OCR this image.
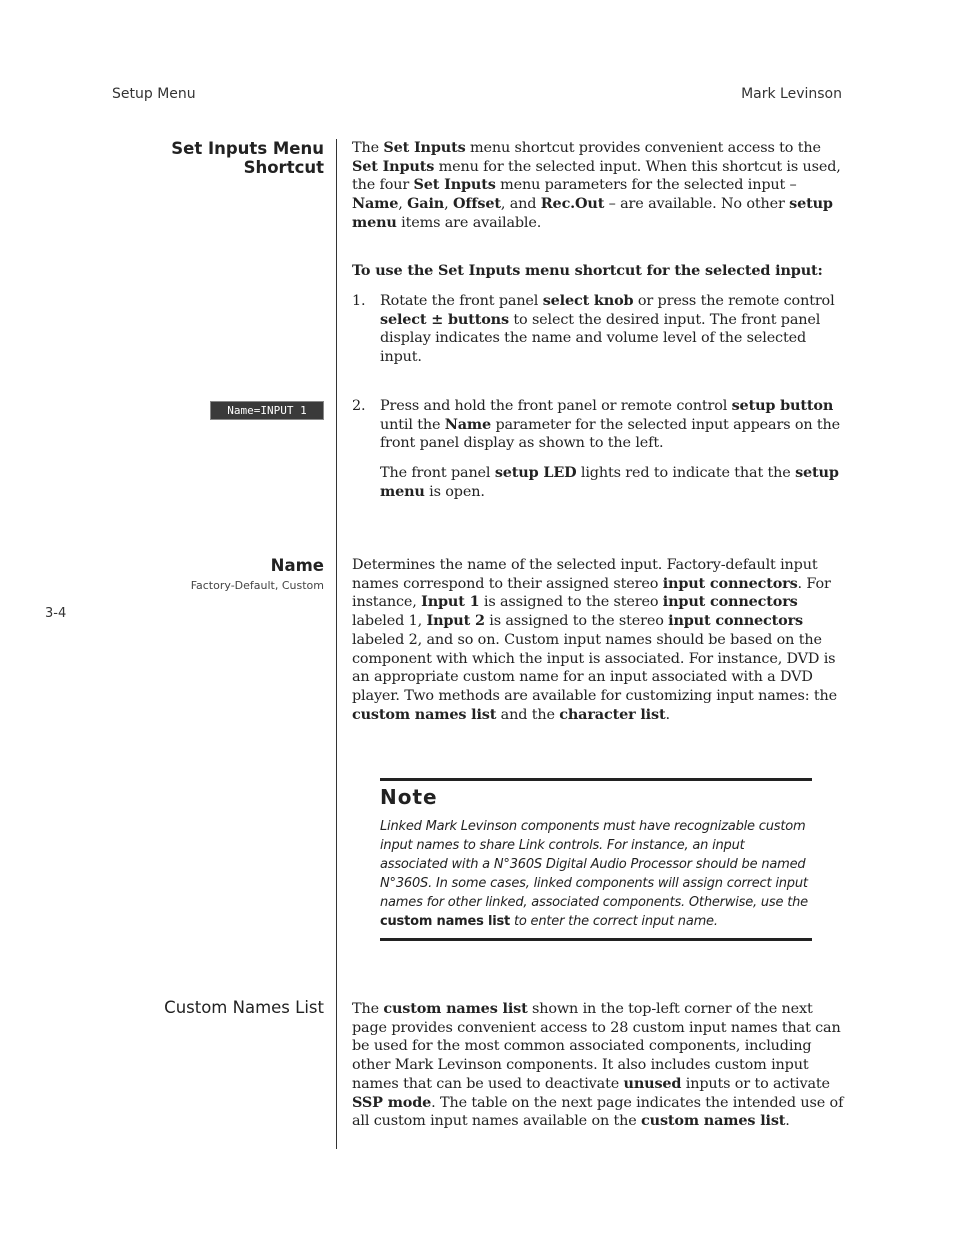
Setup Menu	Mark Levinson
3-4
Set Inputs Menu
Shortcut
The Set Inputs menu shortcut provides convenient access to the Set Inputs menu for the selected input. When this shortcut is used, the four Set Inputs menu parameters for the selected input – Name, Gain, Offset, and Rec.Out – are available. No other setup menu items are available.
To use the Set Inputs menu shortcut for the selected input:
1.	Rotate the front panel select knob or press the remote control select ± buttons to select the desired input. The front panel display indicates the name and volume level of the selected input.
Name=INPUT 1	2.	Press and hold the front panel or remote control setup button until the Name parameter for the selected input appears on the front panel display as shown to the left.
The front panel setup LED lights red to indicate that the setup menu is open.
Name
Factory-Default, Custom
Determines the name of the selected input. Factory-default input names correspond to their assigned stereo input connectors. For instance, Input 1 is assigned to the stereo input connectors labeled 1, Input 2 is assigned to the stereo input connectors labeled 2, and so on. Custom input names should be based on the component with which the input is associated. For instance, DVD is an appropriate custom name for an input associated with a DVD player. Two methods are available for customizing input names: the custom names list and the character list.
Note
Linked Mark Levinson components must have recognizable custom input names to share Link controls. For instance, an input associated with a N°360S Digital Audio Processor should be named N°360S. In some cases, linked components will assign correct input names for other linked, associated components. Otherwise, use the custom names list to enter the correct input name.
Custom Names List The custom names list shown in the top-left corner of the next page provides convenient access to 28 custom input names that can be used for the most common associated components, including other Mark Levinson components. It also includes custom input names that can be used to deactivate unused inputs or to activate SSP mode. The table on the next page indicates the intended use of all custom input names available on the custom names list.
